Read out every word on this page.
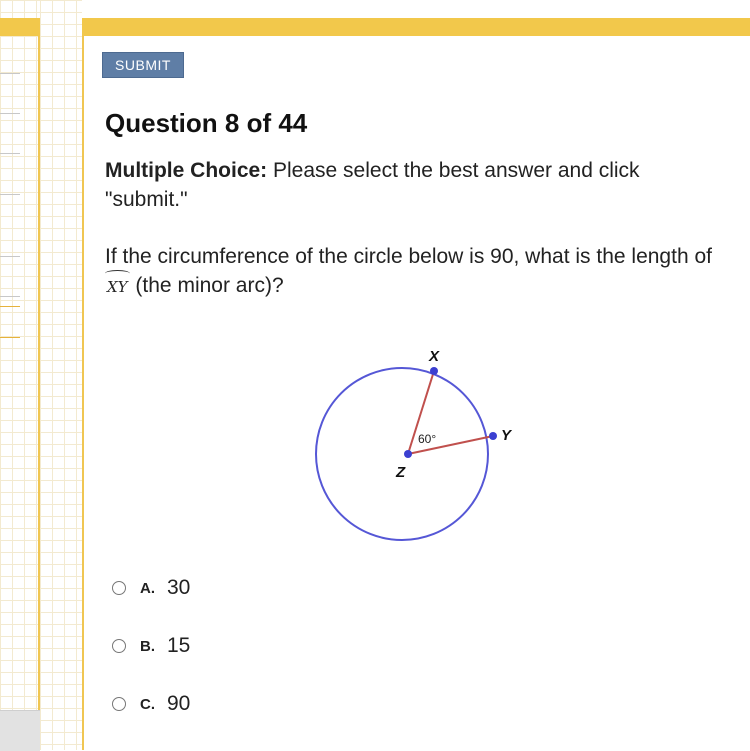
SUBMIT
Question 8 of 44
Multiple Choice: Please select the best answer and click "submit."
If the circumference of the circle below is 90, what is the length of XY (the minor arc)?
X
Y
Z
60°
A. 30
B. 15
C. 90
